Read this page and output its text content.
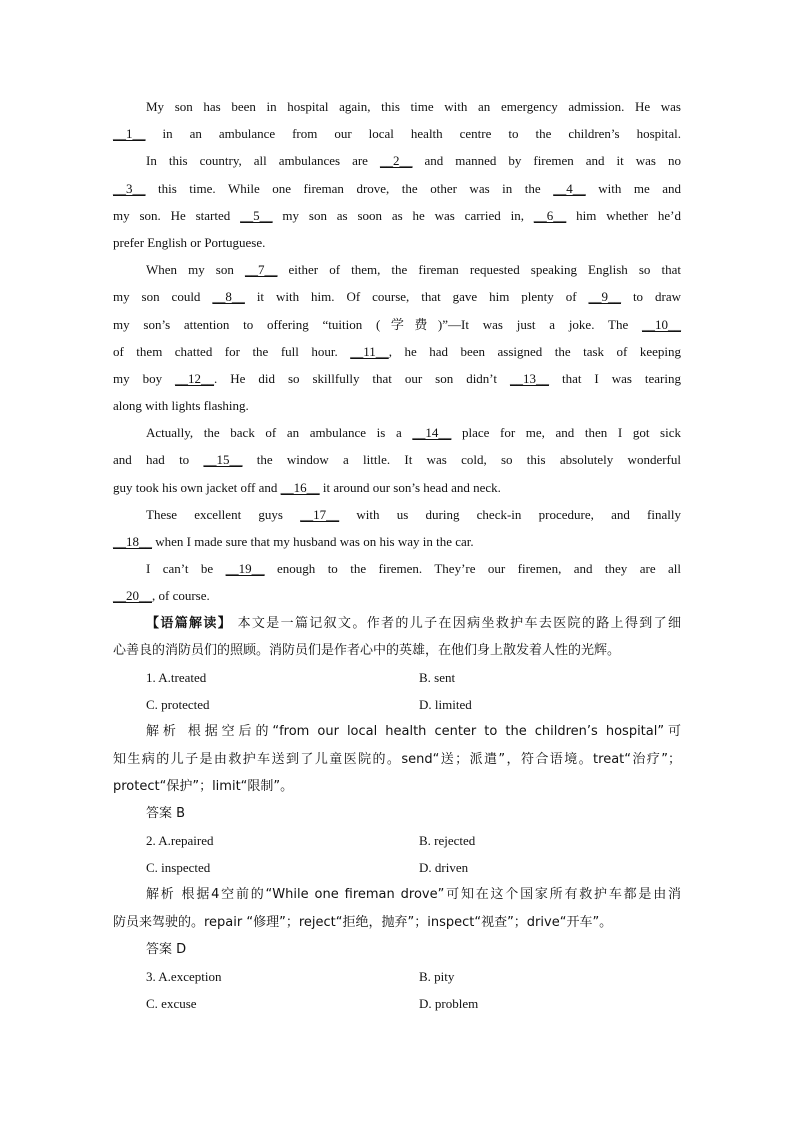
My son has been in hospital again, this time with an emergency admission. He was
__1__ in an ambulance from our local health centre to the children’s hospital.
In this country, all ambulances are __2__ and manned by firemen and it was no
__3__ this time. While one fireman drove, the other was in the __4__ with me and
my son. He started __5__ my son as soon as he was carried in, __6__ him whether he’d
prefer English or Portuguese.
When my son __7__ either of them, the fireman requested speaking English so that
my son could __8__ it with him. Of course, that gave him plenty of __9__ to draw
my son’s attention to offering “tuition (学费)”—It was just a joke. The __10__
of them chatted for the full hour. __11__, he had been assigned the task of keeping
my boy __12__. He did so skillfully that our son didn’t __13__ that I was tearing
along with lights flashing.
Actually, the back of an ambulance is a __14__ place for me, and then I got sick
and had to __15__ the window a little. It was cold, so this absolutely wonderful
guy took his own jacket off and __16__ it around our son’s head and neck.
These excellent guys __17__ with us during check-in procedure, and finally
__18__ when I made sure that my husband was on his way in the car.
I can’t be __19__ enough to the firemen. They’re our firemen, and they are all
__20__, of course.
【语篇解读】 本文是一篇记叙文。作者的儿子在因病坐救护车去医院的路上得到了细
心善良的消防员们的照顾。消防员们是作者心中的英雄，在他们身上散发着人性的光辉。
1. A.treated	B. sent
C. protected	D. limited
解析 根据空后的“from our local health center to the children’s hospital”可
知生病的儿子是由救护车送到了儿童医院的。send“送；派遣”，符合语境。treat“治疗”；
protect“保护”；limit“限制”。
答案 B
2. A.repaired	B. rejected
C. inspected	D. driven
解析 根据4空前的“While one fireman drove”可知在这个国家所有救护车都是由消
防员来驾驶的。repair “修理”；reject“拒绝，抛弃”；inspect“视查”；drive“开车”。
答案 D
3. A.exception	B. pity
C. excuse	D. problem
